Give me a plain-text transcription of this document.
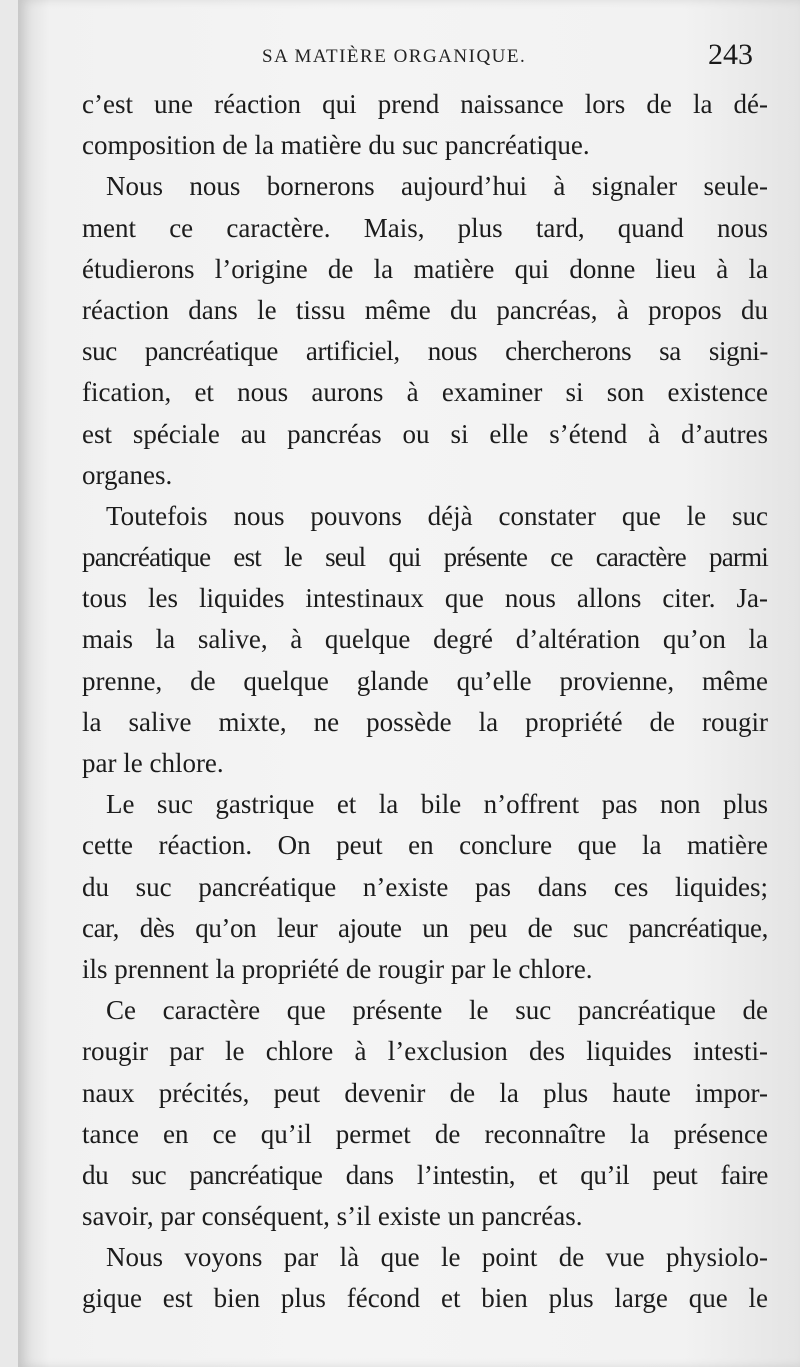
SA MATIÈRE ORGANIQUE.	243
c’est une réaction qui prend naissance lors de la dé-
composition de la matière du suc pancréatique.
Nous nous bornerons aujourd’hui à signaler seule-
ment ce caractère. Mais, plus tard, quand nous
étudierons l’origine de la matière qui donne lieu à la
réaction dans le tissu même du pancréas, à propos du
suc pancréatique artificiel, nous chercherons sa signi-
fication, et nous aurons à examiner si son existence
est spéciale au pancréas ou si elle s’étend à d’autres
organes.
Toutefois nous pouvons déjà constater que le suc
pancréatique est le seul qui présente ce caractère parmi
tous les liquides intestinaux que nous allons citer. Ja-
mais la salive, à quelque degré d’altération qu’on la
prenne, de quelque glande qu’elle provienne, même
la salive mixte, ne possède la propriété de rougir
par le chlore.
Le suc gastrique et la bile n’offrent pas non plus
cette réaction. On peut en conclure que la matière
du suc pancréatique n’existe pas dans ces liquides;
car, dès qu’on leur ajoute un peu de suc pancréatique,
ils prennent la propriété de rougir par le chlore.
Ce caractère que présente le suc pancréatique de
rougir par le chlore à l’exclusion des liquides intesti-
naux précités, peut devenir de la plus haute impor-
tance en ce qu’il permet de reconnaître la présence
du suc pancréatique dans l’intestin, et qu’il peut faire
savoir, par conséquent, s’il existe un pancréas.
Nous voyons par là que le point de vue physiolo-
gique est bien plus fécond et bien plus large que le
